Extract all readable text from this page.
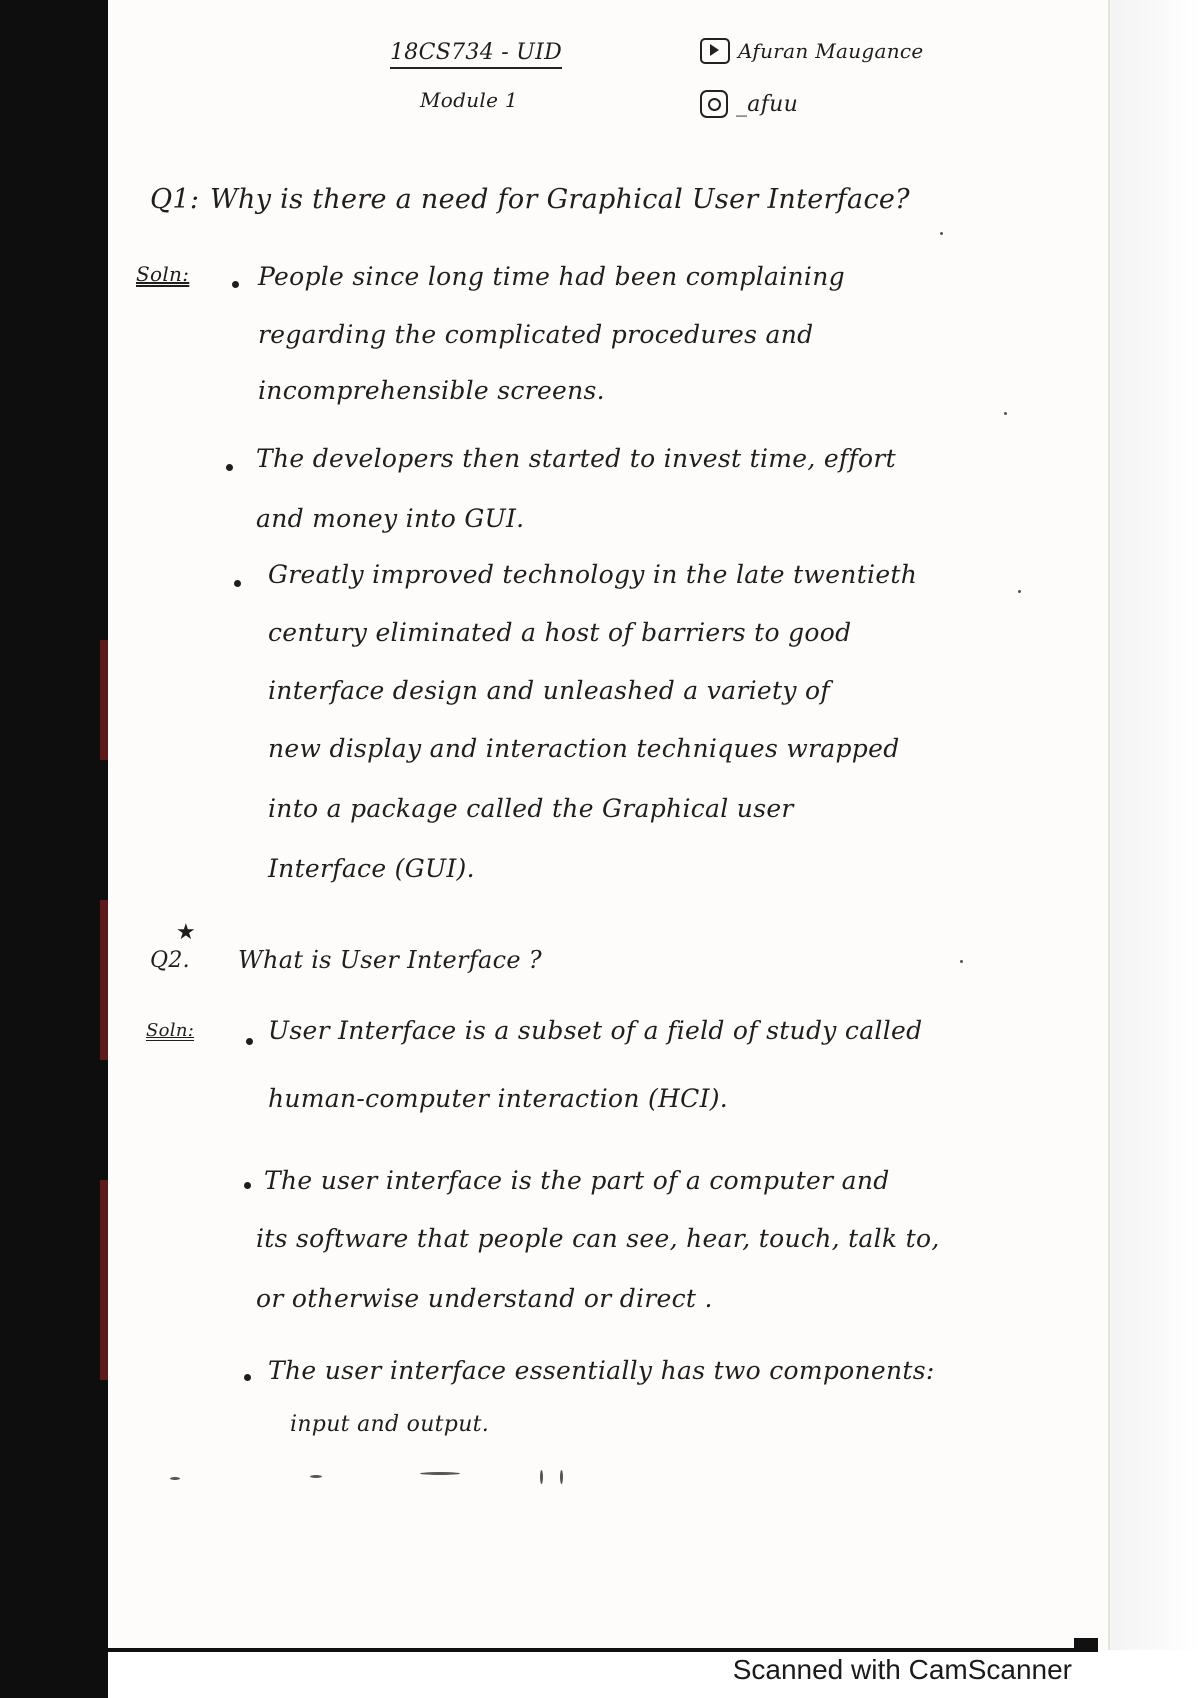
18CS734 - UID
Module 1
Afuran Maugance
_afuu
Q1: Why is there a need for Graphical User Interface?
Soln:	People since long time had been complaining
regarding the complicated procedures and
incomprehensible screens.
The developers then started to invest time, effort
and money into GUI.
Greatly improved technology in the late twentieth
century eliminated a host of barriers to good
interface design and unleashed a variety of
new display and interaction techniques wrapped
into a package called the Graphical user
Interface (GUI).
★
Q2. What is User Interface ?
Soln:	User Interface is a subset of a field of study called
human-computer interaction (HCI).
The user interface is the part of a computer and
its software that people can see, hear, touch, talk to,
or otherwise understand or direct .
The user interface essentially has two components:
input and output.
Scanned with CamScanner
